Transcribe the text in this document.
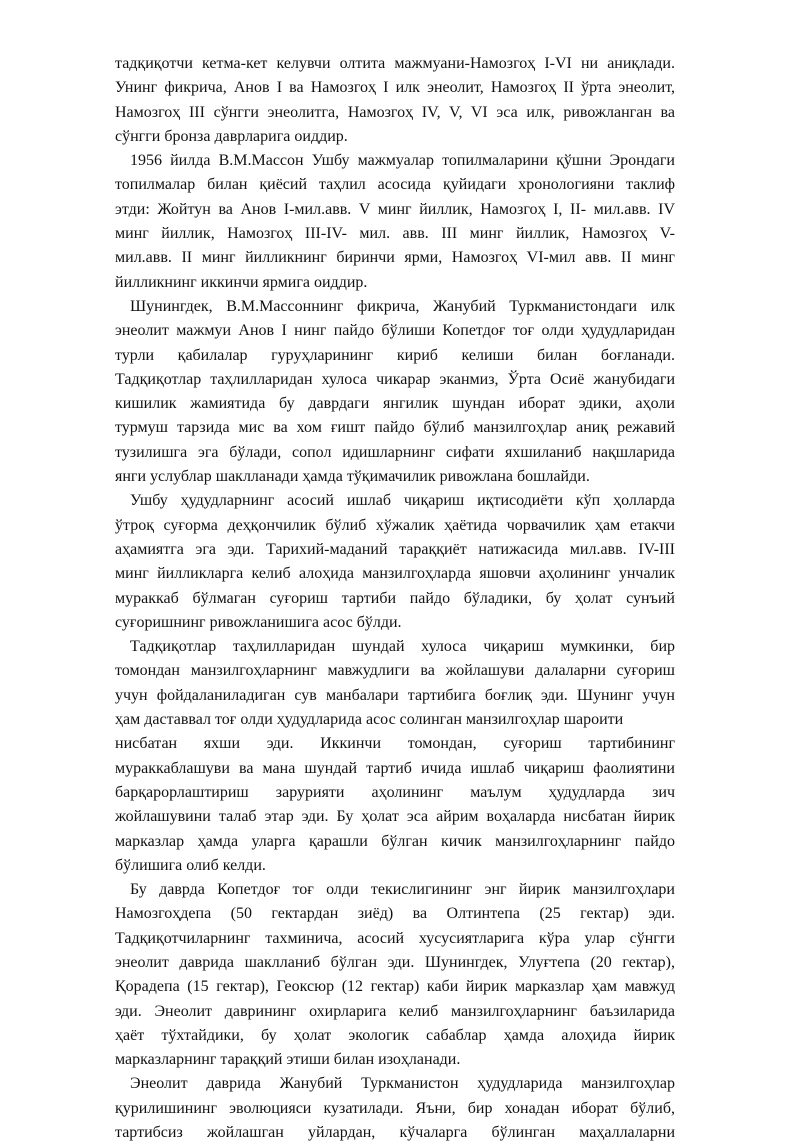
тадқиқотчи кетма-кет келувчи олтита мажмуани-Намозгоҳ I-VI ни аниқлади.
Унинг фикрича, Анов I ва Намозгоҳ I илк энеолит, Намозгоҳ II ўрта энеолит,
Намозгоҳ III сўнгги энеолитга, Намозгоҳ IV, V, VI эса илк, ривожланган ва
сўнгги бронза даврларига оиддир.
1956 йилда В.М.Массон Ушбу мажмуалар топилмаларини қўшни Эрондаги
топилмалар билан қиёсий таҳлил асосида қуйидаги хронологияни таклиф
этди: Жойтун ва Анов I-мил.авв. V минг йиллик, Намозгоҳ I, II- мил.авв. IV
минг йиллик, Намозгоҳ III-IV- мил. авв. III минг йиллик, Намозгоҳ V-
мил.авв. II минг йилликнинг биринчи ярми, Намозгоҳ VI-мил авв. II минг
йилликнинг иккинчи ярмига оиддир.
Шунингдек, В.М.Массоннинг фикрича, Жанубий Туркманистондаги илк
энеолит мажмуи Анов I нинг пайдо бўлиши Копетдоғ тоғ олди ҳудудларидан
турли қабилалар гуруҳларининг кириб келиши билан боғланади.
Тадқиқотлар таҳлилларидан хулоса чикарар эканмиз, Ўрта Осиё жанубидаги
кишилик жамиятида бу даврдаги янгилик шундан иборат эдики, аҳоли
турмуш тарзида мис ва хом ғишт пайдо бўлиб манзилгоҳлар аниқ режавий
тузилишга эга бўлади, сопол идишларнинг сифати яхшиланиб нақшларида
янги услублар шаклланади ҳамда тўқимачилик ривожлана бошлайди.
Ушбу ҳудудларнинг асосий ишлаб чиқариш иқтисодиёти кўп ҳолларда
ўтроқ суғорма деҳқончилик бўлиб хўжалик ҳаётида чорвачилик ҳам етакчи
аҳамиятга эга эди. Тарихий-маданий тараққиёт натижасида мил.авв. IV-III
минг йилликларга келиб алоҳида манзилгоҳларда яшовчи аҳолининг унчалик
мураккаб бўлмаган суғориш тартиби пайдо бўладики, бу ҳолат сунъий
суғоришнинг ривожланишига асос бўлди.
Тадқиқотлар таҳлилларидан шундай хулоса чиқариш мумкинки, бир
томондан манзилгоҳларнинг мавжудлиги ва жойлашуви далаларни суғориш
учун фойдаланиладиган сув манбалари тартибига боғлиқ эди. Шунинг учун
ҳам даставвал тоғ олди ҳудудларида асос солинган манзилгоҳлар шароити
нисбатан яхши эди. Иккинчи томондан, суғориш тартибининг
мураккаблашуви ва мана шундай тартиб ичида ишлаб чиқариш фаолиятини
барқарорлаштириш зарурияти аҳолининг маълум ҳудудларда зич
жойлашувини талаб этар эди. Бу ҳолат эса айрим воҳаларда нисбатан йирик
марказлар ҳамда уларга қарашли бўлган кичик манзилгоҳларнинг пайдо
бўлишига олиб келди.
Бу даврда Копетдоғ тоғ олди текислигининг энг йирик манзилгоҳлари
Намозгоҳдепа (50 гектардан зиёд) ва Олтинтепа (25 гектар) эди.
Тадқиқотчиларнинг тахминича, асосий хусусиятларига кўра улар сўнгги
энеолит даврида шаклланиб бўлган эди. Шунингдек, Улуғтепа (20 гектар),
Қорадепа (15 гектар), Геоксюр (12 гектар) каби йирик марказлар ҳам мавжуд
эди. Энеолит даврининг охирларига келиб манзилгоҳларнинг баъзиларида
ҳаёт тўхтайдики, бу ҳолат экологик сабаблар ҳамда алоҳида йирик
марказларнинг тараққий этиши билан изоҳланади.
Энеолит даврида Жанубий Туркманистон ҳудудларида манзилгоҳлар
қурилишининг эволюцияси кузатилади. Яъни, бир хонадан иборат бўлиб,
тартибсиз жойлашган уйлардан, кўчаларга бўлинган маҳаллаларни
